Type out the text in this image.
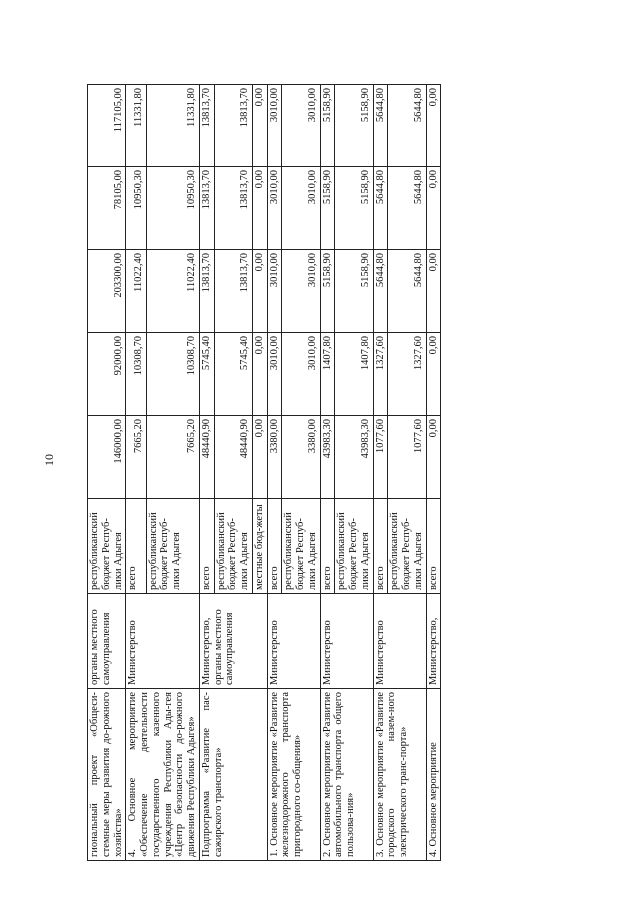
10
гиональный проект «Общеси-стемные меры развития до-рожного хозяйства»	органы местного самоуправления	республиканский бюджет Респуб-лики Адыгея	146000,00	92000,00	203300,00	78105,00	117105,00
4. Основное мероприятие «Обеспечение деятельности государственного казенного учреждения Республики Ады-гея «Центр безопасности до-рожного движения Республики Адыгея»	Министерство	всего	7665,20	10308,70	11022,40	10950,30	11331,80
		республиканский бюджет Респуб-лики Адыгея	7665,20	10308,70	11022,40	10950,30	11331,80
Подпрограмма «Развитие пас-сажирского транспорта»	Министерство, органы местного самоуправления	всего	48440,90	5745,40	13813,70	13813,70	13813,70
		республиканский бюджет Респуб-лики Адыгея	48440,90	5745,40	13813,70	13813,70	13813,70
		местные бюд-жеты	0,00	0,00	0,00	0,00	0,00
1. Основное мероприятие «Развитие железнодорожного транспорта пригородного со-общения»	Министерство	всего	3380,00	3010,00	3010,00	3010,00	3010,00
		республиканский бюджет Респуб-лики Адыгея	3380,00	3010,00	3010,00	3010,00	3010,00
2. Основное мероприятие «Развитие автомобильного транспорта общего пользова-ния»	Министерство	всего	43983,30	1407,80	5158,90	5158,90	5158,90
		республиканский бюджет Респуб-лики Адыгея	43983,30	1407,80	5158,90	5158,90	5158,90
3. Основное мероприятие «Развитие городского назем-ного электрического транс-порта»	Министерство	всего	1077,60	1327,60	5644,80	5644,80	5644,80
		республиканский бюджет Респуб-лики Адыгея	1077,60	1327,60	5644,80	5644,80	5644,80
4. Основное мероприятие	Министерство,	всего	0,00	0,00	0,00	0,00	0,00
